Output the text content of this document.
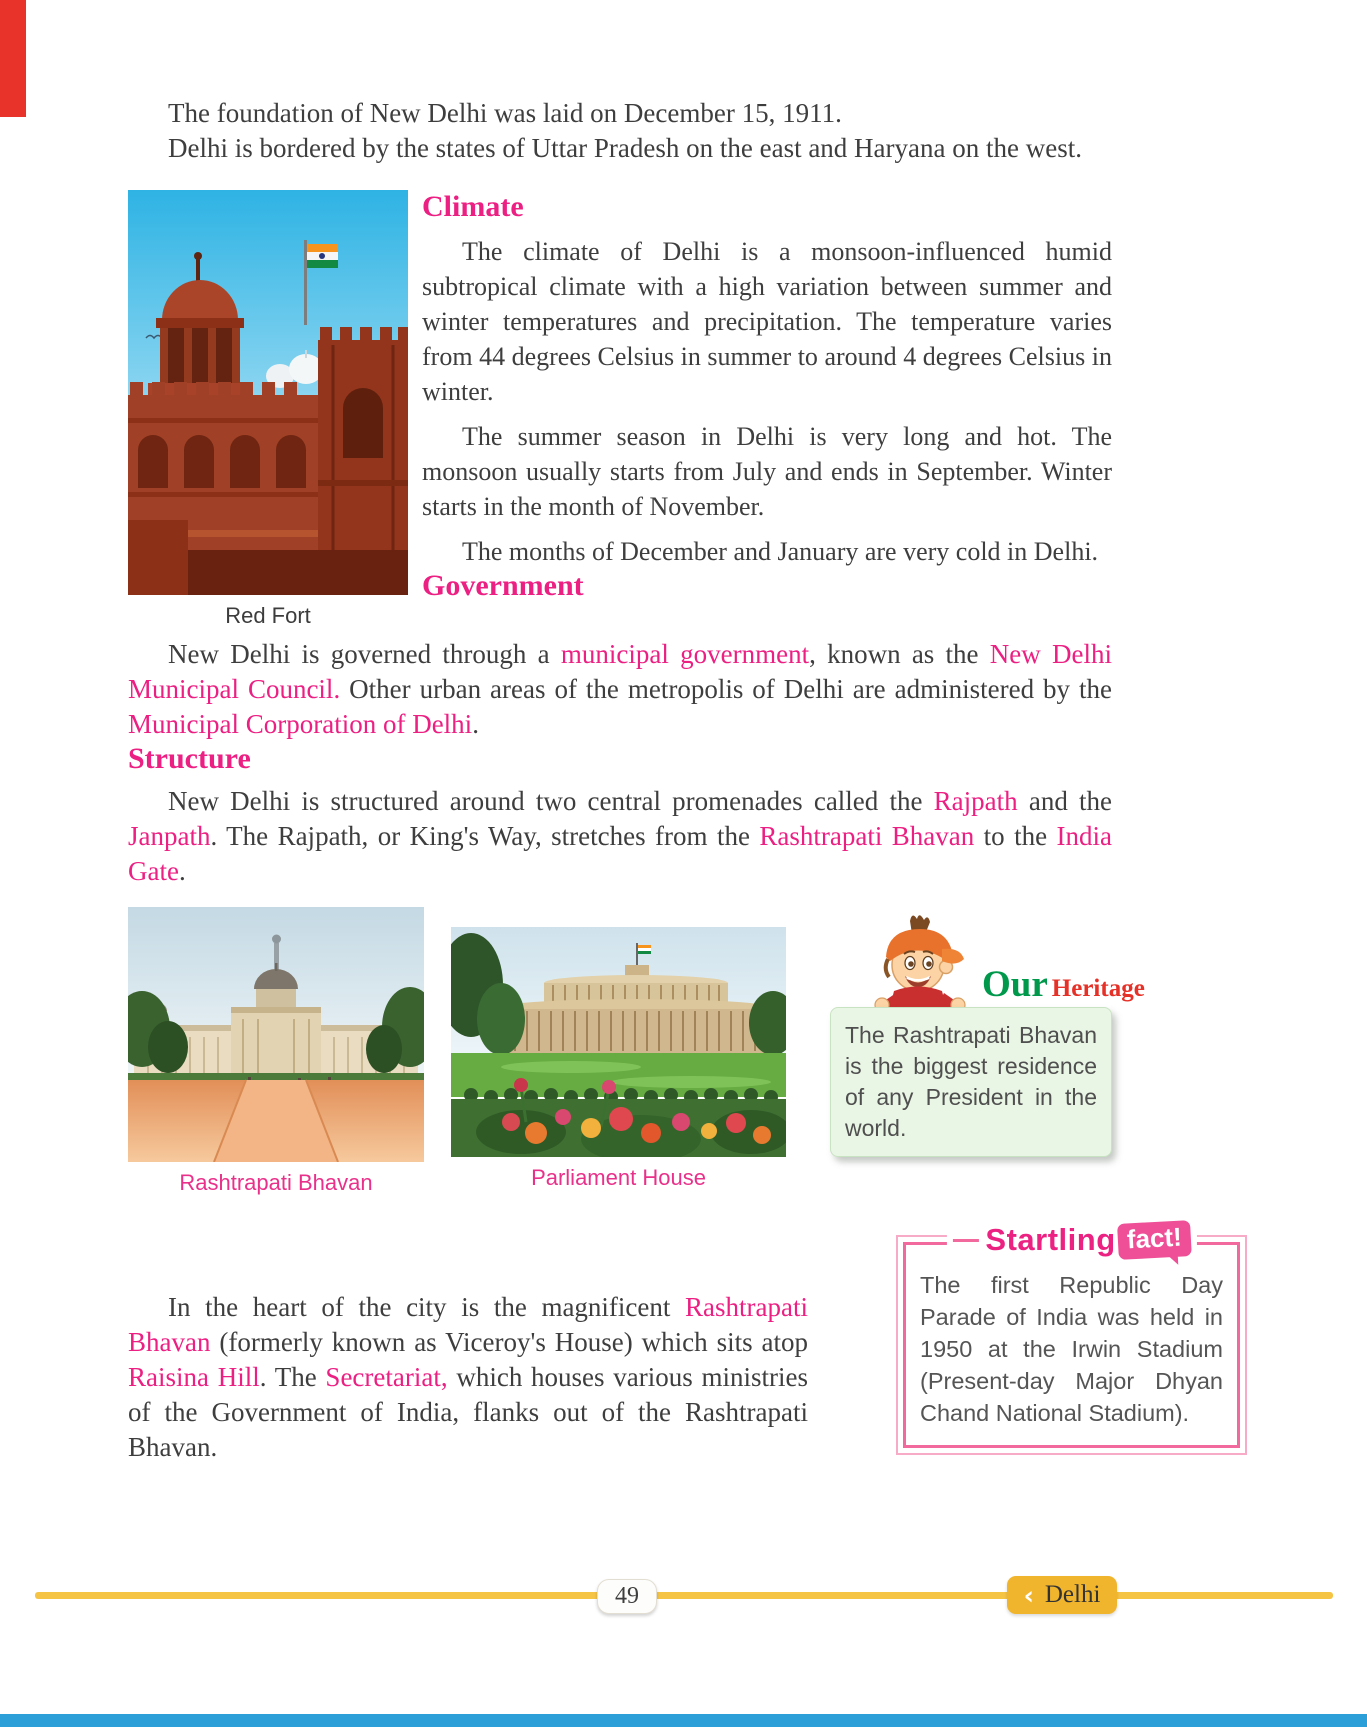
The foundation of New Delhi was laid on December 15, 1911.

Delhi is bordered by the states of Uttar Pradesh on the east and Haryana on the west.

Red Fort
Climate

The climate of Delhi is a monsoon-influenced humid subtropical climate with a high variation between summer and winter temperatures and precipitation. The temperature varies from 44 degrees Celsius in summer to around 4 degrees Celsius in winter.

The summer season in Delhi is very long and hot. The monsoon usually starts from July and ends in September. Winter starts in the month of November.

The months of December and January are very cold in Delhi.

Government

New Delhi is governed through a municipal government, known as the New Delhi Municipal Council. Other urban areas of the metropolis of Delhi are administered by the Municipal Corporation of Delhi.

Structure

New Delhi is structured around two central promenades called the Rajpath and the Janpath. The Rajpath, or King's Way, stretches from the Rashtrapati Bhavan to the India Gate.

Rashtrapati Bhavan	Parliament House
Our Heritage

The Rashtrapati Bhavan is the biggest residence of any President in the world.

In the heart of the city is the magnificent Rashtrapati Bhavan (formerly known as Viceroy's House) which sits atop Raisina Hill. The Secretariat, which houses various ministries of the Government of India, flanks out of the Rashtrapati Bhavan.

Startling fact!

The first Republic Day Parade of India was held in 1950 at the Irwin Stadium (Present-day Major Dhyan Chand National Stadium).

49	‹ Delhi
